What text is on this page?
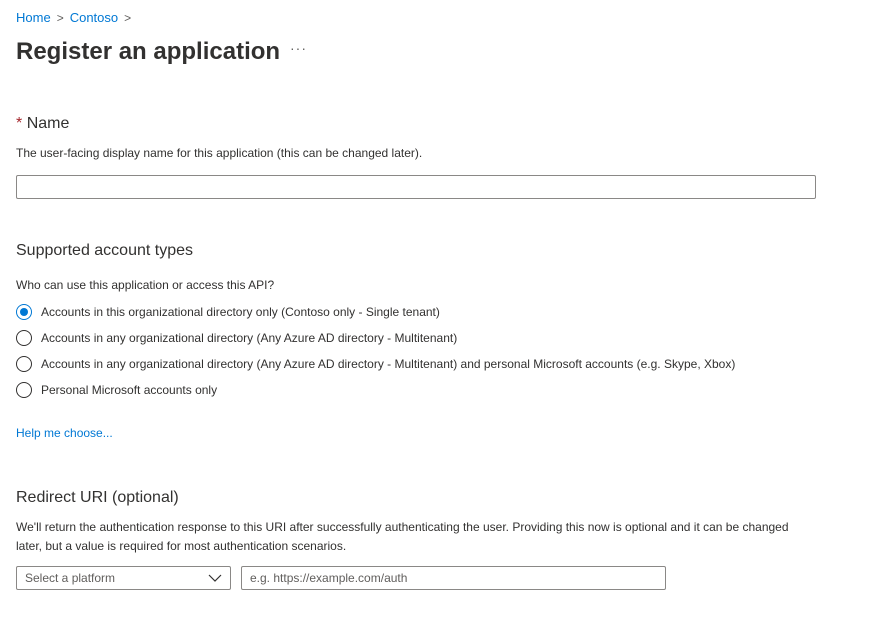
Home > Contoso >
Register an application ···
* Name
The user-facing display name for this application (this can be changed later).
Supported account types
Who can use this application or access this API?
Accounts in this organizational directory only (Contoso only - Single tenant)
Accounts in any organizational directory (Any Azure AD directory - Multitenant)
Accounts in any organizational directory (Any Azure AD directory - Multitenant) and personal Microsoft accounts (e.g. Skype, Xbox)
Personal Microsoft accounts only
Help me choose...
Redirect URI (optional)
We'll return the authentication response to this URI after successfully authenticating the user. Providing this now is optional and it can be changed later, but a value is required for most authentication scenarios.
Select a platform
e.g. https://example.com/auth
